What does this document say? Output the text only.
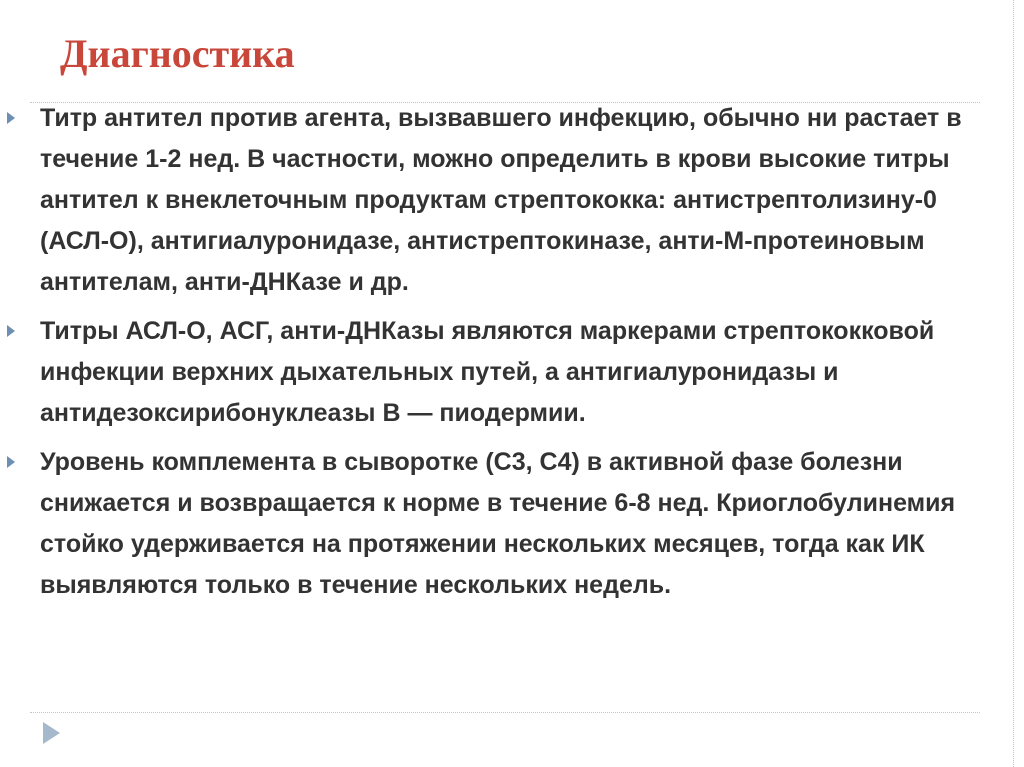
Диагностика
Титр антител против агента, вызвавшего инфекцию, обычно ни растает в течение 1-2 нед. В частности, можно определить в крови высокие титры антител к внеклеточным продуктам стрептококка: антистрептолизину-0 (АСЛ-О), антигиалуронидазе, антистрептокиназе, анти-М-протеиновым антителам, анти-ДНКазе и др.
Титры АСЛ-О, АСГ, анти-ДНКазы являются маркерами стрептококковой инфекции верхних дыхательных путей, а антигиалуронидазы и антидезоксирибонуклеазы В — пиодермии.
Уровень комплемента в сыворотке (С3, С4) в активной фазе болезни снижается и возвращается к норме в течение 6-8 нед. Криоглобулинемия стойко удерживается на протяжении нескольких месяцев, тогда как ИК выявляются только в течение нескольких недель.
